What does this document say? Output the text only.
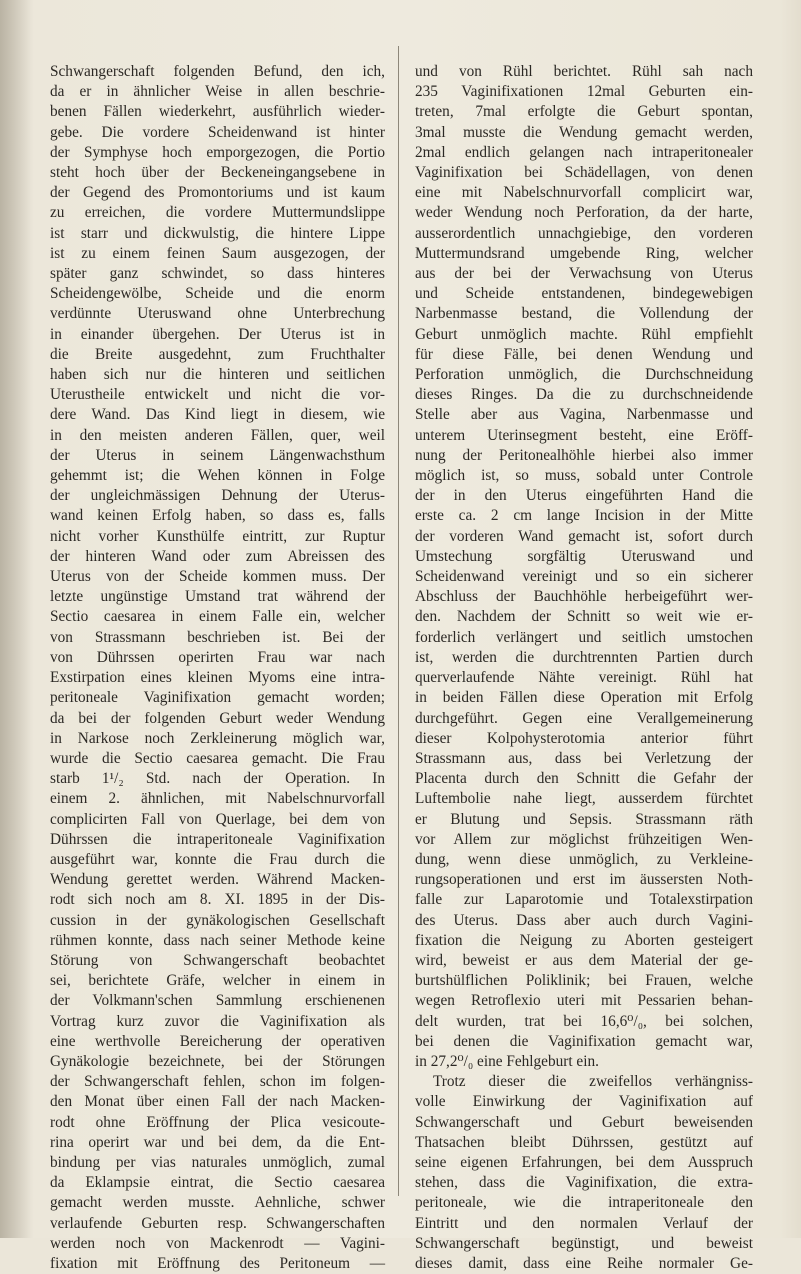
Schwangerschaft folgenden Befund, den ich,

da er in ähnlicher Weise in allen beschrie-

benen Fällen wiederkehrt, ausführlich wieder-

gebe. Die vordere Scheidenwand ist hinter

der Symphyse hoch emporgezogen, die Portio

steht hoch über der Beckeneingangsebene in

der Gegend des Promontoriums und ist kaum

zu erreichen, die vordere Muttermundslippe

ist starr und dickwulstig, die hintere Lippe

ist zu einem feinen Saum ausgezogen, der

später ganz schwindet, so dass hinteres

Scheidengewölbe, Scheide und die enorm

verdünnte Uteruswand ohne Unterbrechung

in einander übergehen. Der Uterus ist in

die Breite ausgedehnt, zum Fruchthalter

haben sich nur die hinteren und seitlichen

Uterustheile entwickelt und nicht die vor-

dere Wand. Das Kind liegt in diesem, wie

in den meisten anderen Fällen, quer, weil

der Uterus in seinem Längenwachsthum

gehemmt ist; die Wehen können in Folge

der ungleichmässigen Dehnung der Uterus-

wand keinen Erfolg haben, so dass es, falls

nicht vorher Kunsthülfe eintritt, zur Ruptur

der hinteren Wand oder zum Abreissen des

Uterus von der Scheide kommen muss. Der

letzte ungünstige Umstand trat während der

Sectio caesarea in einem Falle ein, welcher

von Strassmann beschrieben ist. Bei der

von Dührssen operirten Frau war nach

Exstirpation eines kleinen Myoms eine intra-

peritoneale Vaginifixation gemacht worden;

da bei der folgenden Geburt weder Wendung

in Narkose noch Zerkleinerung möglich war,

wurde die Sectio caesarea gemacht. Die Frau

starb 1¹/₂ Std. nach der Operation. In

einem 2. ähnlichen, mit Nabelschnurvorfall

complicirten Fall von Querlage, bei dem von

Dührssen die intraperitoneale Vaginifixation

ausgeführt war, konnte die Frau durch die

Wendung gerettet werden. Während Macken-

rodt sich noch am 8. XI. 1895 in der Dis-

cussion in der gynäkologischen Gesellschaft

rühmen konnte, dass nach seiner Methode keine

Störung von Schwangerschaft beobachtet

sei, berichtete Gräfe, welcher in einem in

der Volkmann'schen Sammlung erschienenen

Vortrag kurz zuvor die Vaginifixation als

eine werthvolle Bereicherung der operativen

Gynäkologie bezeichnete, bei der Störungen

der Schwangerschaft fehlen, schon im folgen-

den Monat über einen Fall der nach Macken-

rodt ohne Eröffnung der Plica vesicoute-

rina operirt war und bei dem, da die Ent-

bindung per vias naturales unmöglich, zumal

da Eklampsie eintrat, die Sectio caesarea

gemacht werden musste. Aehnliche, schwer

verlaufende Geburten resp. Schwangerschaften

werden noch von Mackenrodt — Vagini-

fixation mit Eröffnung des Peritoneum —

und von Rühl berichtet. Rühl sah nach

235 Vaginifixationen 12mal Geburten ein-

treten, 7mal erfolgte die Geburt spontan,

3mal musste die Wendung gemacht werden,

2mal endlich gelangen nach intraperitonealer

Vaginifixation bei Schädellagen, von denen

eine mit Nabelschnurvorfall complicirt war,

weder Wendung noch Perforation, da der harte,

ausserordentlich unnachgiebige, den vorderen

Muttermundsrand umgebende Ring, welcher

aus der bei der Verwachsung von Uterus

und Scheide entstandenen, bindegewebigen

Narbenmasse bestand, die Vollendung der

Geburt unmöglich machte. Rühl empfiehlt

für diese Fälle, bei denen Wendung und

Perforation unmöglich, die Durchschneidung

dieses Ringes. Da die zu durchschneidende

Stelle aber aus Vagina, Narbenmasse und

unterem Uterinsegment besteht, eine Eröff-

nung der Peritonealhöhle hierbei also immer

möglich ist, so muss, sobald unter Controle

der in den Uterus eingeführten Hand die

erste ca. 2 cm lange Incision in der Mitte

der vorderen Wand gemacht ist, sofort durch

Umstechung sorgfältig Uteruswand und

Scheidenwand vereinigt und so ein sicherer

Abschluss der Bauchhöhle herbeigeführt wer-

den. Nachdem der Schnitt so weit wie er-

forderlich verlängert und seitlich umstochen

ist, werden die durchtrennten Partien durch

querverlaufende Nähte vereinigt. Rühl hat

in beiden Fällen diese Operation mit Erfolg

durchgeführt. Gegen eine Verallgemeinerung

dieser Kolpohysterotomia anterior führt

Strassmann aus, dass bei Verletzung der

Placenta durch den Schnitt die Gefahr der

Luftembolie nahe liegt, ausserdem fürchtet

er Blutung und Sepsis. Strassmann räth

vor Allem zur möglichst frühzeitigen Wen-

dung, wenn diese unmöglich, zu Verkleine-

rungsoperationen und erst im äussersten Noth-

falle zur Laparotomie und Totalexstirpation

des Uterus. Dass aber auch durch Vagini-

fixation die Neigung zu Aborten gesteigert

wird, beweist er aus dem Material der ge-

burtshülflichen Poliklinik; bei Frauen, welche

wegen Retroflexio uteri mit Pessarien behan-

delt wurden, trat bei 16,6⁰/₀, bei solchen,

bei denen die Vaginifixation gemacht war,

in 27,2⁰/₀ eine Fehlgeburt ein.

Trotz dieser die zweifellos verhängniss-

volle Einwirkung der Vaginifixation auf

Schwangerschaft und Geburt beweisenden

Thatsachen bleibt Dührssen, gestützt auf

seine eigenen Erfahrungen, bei dem Ausspruch

stehen, dass die Vaginifixation, die extra-

peritoneale, wie die intraperitoneale den

Eintritt und den normalen Verlauf der

Schwangerschaft begünstigt, und beweist

dieses damit, dass eine Reihe normaler Ge-
